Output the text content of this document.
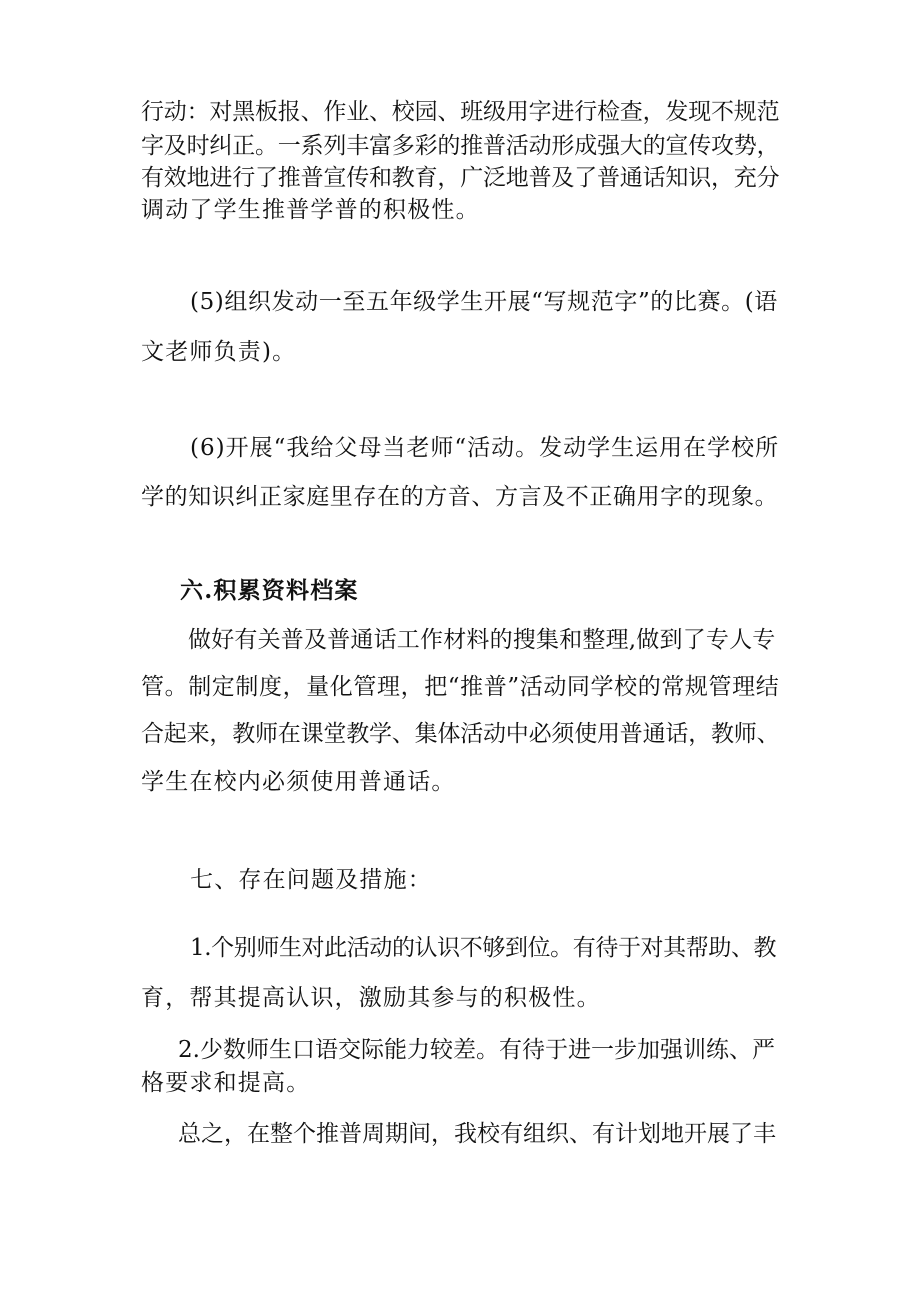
行动：对黑板报、作业、校园、班级用字进行检查，发现不规范
字及时纠正。一系列丰富多彩的推普活动形成强大的宣传攻势，
有效地进行了推普宣传和教育，广泛地普及了普通话知识，充分
调动了学生推普学普的积极性。
(5)组织发动一至五年级学生开展“写规范字”的比赛。(语
文老师负责)。
(6)开展“我给父母当老师“活动。发动学生运用在学校所
学的知识纠正家庭里存在的方音、方言及不正确用字的现象。
六.积累资料档案
做好有关普及普通话工作材料的搜集和整理,做到了专人专
管。制定制度，量化管理，把“推普”活动同学校的常规管理结
合起来，教师在课堂教学、集体活动中必须使用普通话，教师、
学生在校内必须使用普通话。
七、存在问题及措施：
1.个别师生对此活动的认识不够到位。有待于对其帮助、教
育，帮其提高认识，激励其参与的积极性。
2.少数师生口语交际能力较差。有待于进一步加强训练、严
格要求和提高。
总之，在整个推普周期间，我校有组织、有计划地开展了丰
